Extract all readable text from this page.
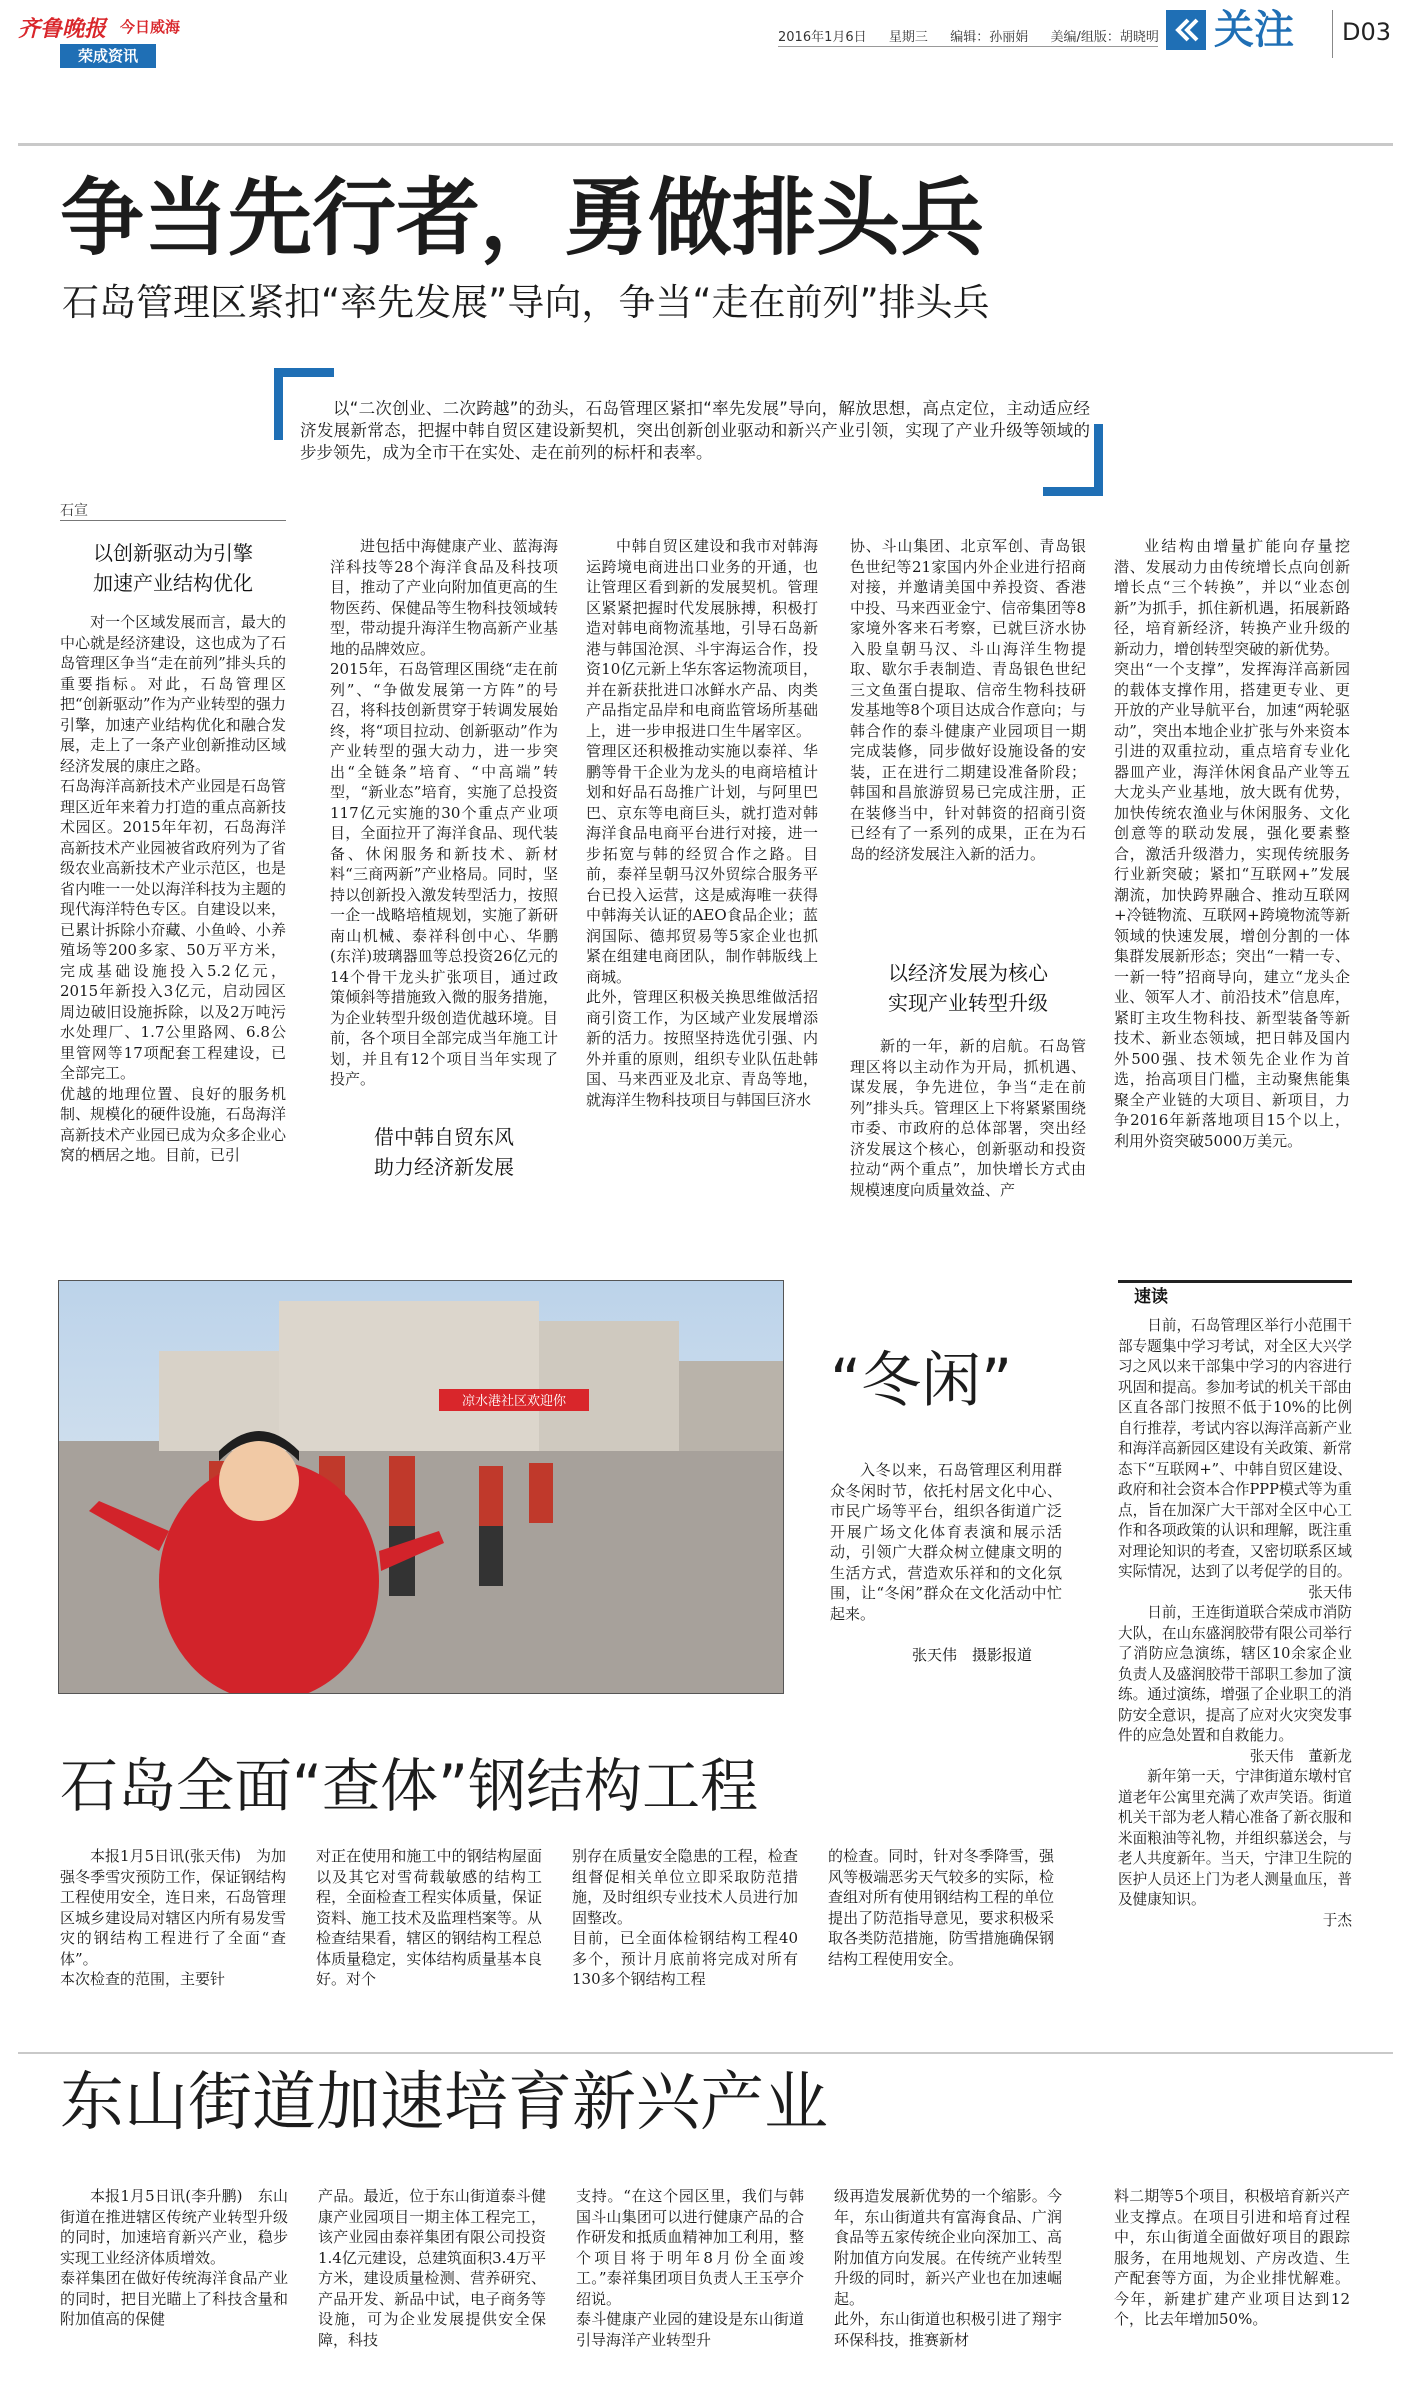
齐鲁晚报 今日威海
荣成资讯
2016年1月6日 星期三 编辑：孙丽娟 美编/组版：胡晓明 关注 D03
争当先行者，勇做排头兵
石岛管理区紧扣“率先发展”导向，争当“走在前列”排头兵

以“二次创业、二次跨越”的劲头，石岛管理区紧扣“率先发展”导向，解放思想，高点定位，主动适应经济发展新常态，把握中韩自贸区建设新契机，突出创新创业驱动和新兴产业引领，实现了产业升级等领域的步步领先，成为全市干在实处、走在前列的标杆和表率。

石宣
以创新驱动为引擎
加速产业结构优化
对一个区域发展而言，最大的中心就是经济建设，这也成为了石岛管理区争当“走在前列”排头兵的重要指标。对此，石岛管理区把“创新驱动”作为产业转型的强力引擎，加速产业结构优化和融合发展，走上了一条产业创新推动区域经济发展的康庄之路。
石岛海洋高新技术产业园是石岛管理区近年来着力打造的重点高新技术园区。2015年年初，石岛海洋高新技术产业园被省政府列为了省级农业高新技术产业示范区，也是省内唯一一处以海洋科技为主题的现代海洋特色专区。自建设以来，已累计拆除小夼藏、小鱼岭、小养殖场等200多家、50万平方米，完成基础设施投入5.2亿元，2015年新投入3亿元，启动园区周边破旧设施拆除，以及2万吨污水处理厂、1.7公里路网、6.8公里管网等17项配套工程建设，已全部完工。
优越的地理位置、良好的服务机制、规模化的硬件设施，石岛海洋高新技术产业园已成为众多企业心窝的栖居之地。目前，已引
进包括中海健康产业、蓝海海洋科技等28个海洋食品及科技项目，推动了产业向附加值更高的生物医药、保健品等生物科技领域转型，带动提升海洋生物高新产业基地的品牌效应。
2015年，石岛管理区围绕“走在前列”、“争做发展第一方阵”的号召，将科技创新贯穿于转调发展始终，将“项目拉动、创新驱动”作为产业转型的强大动力，进一步突出“全链条”培育、“中高端”转型，“新业态”培育，实施了总投资117亿元实施的30个重点产业项目，全面拉开了海洋食品、现代装备、休闲服务和新技术、新材料“三商两新”产业格局。同时，坚持以创新投入激发转型活力，按照一企一战略培植规划，实施了新研南山机械、泰祥科创中心、华鹏(东洋)玻璃器皿等总投资26亿元的14个骨干龙头扩张项目，通过政策倾斜等措施致入微的服务措施，为企业转型升级创造优越环境。目前，各个项目全部完成当年施工计划，并且有12个项目当年实现了投产。
借中韩自贸东风
助力经济新发展
中韩自贸区建设和我市对韩海运跨境电商进出口业务的开通，也让管理区看到新的发展契机。管理区紧紧把握时代发展脉搏，积极打造对韩电商物流基地，引导石岛新港与韩国沧溟、斗宇海运合作，投资10亿元新上华东客运物流项目，并在新获批进口冰鲜水产品、肉类产品指定品岸和电商监管场所基础上，进一步申报进口生牛屠宰区。
管理区还积极推动实施以泰祥、华鹏等骨干企业为龙头的电商培植计划和好品石岛推广计划，与阿里巴巴、京东等电商巨头，就打造对韩海洋食品电商平台进行对接，进一步拓宽与韩的经贸合作之路。目前，泰祥呈朝马汉外贸综合服务平台已投入运营，这是威海唯一获得中韩海关认证的AEO食品企业；蓝润国际、德邦贸易等5家企业也抓紧在组建电商团队，制作韩版线上商城。
此外，管理区积极关换思维做活招商引资工作，为区域产业发展增添新的活力。按照坚持选优引强、内外并重的原则，组织专业队伍赴韩国、马来西亚及北京、青岛等地，就海洋生物科技项目与韩国巨济水
协、斗山集团、北京军创、青岛银色世纪等21家国内外企业进行招商对接，并邀请美国中养投资、香港中投、马来西亚金宁、信帝集团等8家境外客来石考察，已就巨济水协入股皇朝马汉、斗山海洋生物提取、歇尔手表制造、青岛银色世纪三文鱼蛋白提取、信帝生物科技研发基地等8个项目达成合作意向；与韩合作的泰斗健康产业园项目一期完成装修，同步做好设施设备的安装，正在进行二期建设准备阶段；韩国和昌旅游贸易已完成注册，正在装修当中，针对韩资的招商引资已经有了一系列的成果，正在为石岛的经济发展注入新的活力。
以经济发展为核心
实现产业转型升级
新的一年，新的启航。石岛管理区将以主动作为开局，抓机遇、谋发展，争先进位，争当“走在前列”排头兵。管理区上下将紧紧围绕市委、市政府的总体部署，突出经济发展这个核心，创新驱动和投资拉动“两个重点”，加快增长方式由规模速度向质量效益、产
业结构由增量扩能向存量挖潜、发展动力由传统增长点向创新增长点“三个转换”，并以“业态创新”为抓手，抓住新机遇，拓展新路径，培育新经济，转换产业升级的新动力，增创转型突破的新优势。
突出“一个支撑”，发挥海洋高新园的载体支撑作用，搭建更专业、更开放的产业导航平台，加速“两轮驱动”，突出本地企业扩张与外来资本引进的双重拉动，重点培育专业化器皿产业，海洋休闲食品产业等五大龙头产业基地，放大既有优势，加快传统农渔业与休闲服务、文化创意等的联动发展，强化要素整合，激活升级潜力，实现传统服务行业新突破；紧扣“互联网+”发展潮流，加快跨界融合、推动互联网+冷链物流、互联网+跨境物流等新领域的快速发展，增创分割的一体集群发展新形态；突出“一精一专、一新一特”招商导向，建立“龙头企业、领军人才、前沿技术”信息库，紧盯主攻生物科技、新型装备等新技术、新业态领域，把日韩及国内外500强、技术领先企业作为首选，抬高项目门槛，主动聚焦能集聚全产业链的大项目、新项目，力争2016年新落地项目15个以上，利用外资突破5000万美元。
凉水港社区欢迎你	“冬闲”
入冬以来，石岛管理区利用群众冬闲时节，依托村居文化中心、市民广场等平台，组织各街道广泛开展广场文化体育表演和展示活动，引领广大群众树立健康文明的生活方式，营造欢乐祥和的文化氛围，让“冬闲”群众在文化活动中忙起来。
张天伟　摄影报道
速读
日前，石岛管理区举行小范围干部专题集中学习考试，对全区大兴学习之风以来干部集中学习的内容进行巩固和提高。参加考试的机关干部由区直各部门按照不低于10%的比例自行推荐，考试内容以海洋高新产业和海洋高新园区建设有关政策、新常态下“互联网+”、中韩自贸区建设、政府和社会资本合作PPP模式等为重点，旨在加深广大干部对全区中心工作和各项政策的认识和理解，既注重对理论知识的考查，又密切联系区域实际情况，达到了以考促学的目的。
张天伟
日前，王连街道联合荣成市消防大队，在山东盛润胶带有限公司举行了消防应急演练，辖区10余家企业负责人及盛润胶带干部职工参加了演练。通过演练，增强了企业职工的消防安全意识，提高了应对火灾突发事件的应急处置和自救能力。
张天伟　董新龙
新年第一天，宁津街道东墩村官道老年公寓里充满了欢声笑语。街道机关干部为老人精心准备了新衣服和米面粮油等礼物，并组织慕送会，与老人共度新年。当天，宁津卫生院的医护人员还上门为老人测量血压，普及健康知识。
于杰
石岛全面“查体”钢结构工程
本报1月5日讯(张天伟)　为加强冬季雪灾预防工作，保证钢结构工程使用安全，连日来，石岛管理区城乡建设局对辖区内所有易发雪灾的钢结构工程进行了全面“查体”。
本次检查的范围，主要针
对正在使用和施工中的钢结构屋面以及其它对雪荷载敏感的结构工程，全面检查工程实体质量，保证资料、施工技术及监理档案等。从检查结果看，辖区的钢结构工程总体质量稳定，实体结构质量基本良好。对个
别存在质量安全隐患的工程，检查组督促相关单位立即采取防范措施，及时组织专业技术人员进行加固整改。
目前，已全面体检钢结构工程40多个，预计月底前将完成对所有130多个钢结构工程
的检查。同时，针对冬季降雪，强风等极端恶劣天气较多的实际，检查组对所有使用钢结构工程的单位提出了防范指导意见，要求积极采取各类防范措施，防雪措施确保钢结构工程使用安全。
东山街道加速培育新兴产业
本报1月5日讯(李升鹏)　东山街道在推进辖区传统产业转型升级的同时，加速培育新兴产业，稳步实现工业经济体质增效。
泰祥集团在做好传统海洋食品产业的同时，把目光瞄上了科技含量和附加值高的保健
产品。最近，位于东山街道泰斗健康产业园项目一期主体工程完工，该产业园由泰祥集团有限公司投资1.4亿元建设，总建筑面积3.4万平方米，建设质量检测、营养研究、产品开发、新品中试，电子商务等设施，可为企业发展提供安全保障，科技
支持。“在这个园区里，我们与韩国斗山集团可以进行健康产品的合作研发和抵质血精神加工利用，整个项目将于明年8月份全面竣工。”泰祥集团项目负责人王玉亭介绍说。
泰斗健康产业园的建设是东山街道引导海洋产业转型升
级再造发展新优势的一个缩影。今年，东山街道共有富海食品、广润食品等五家传统企业向深加工、高附加值方向发展。在传统产业转型升级的同时，新兴产业也在加速崛起。
此外，东山街道也积极引进了翔宇环保科技，推赛新材
料二期等5个项目，积极培育新兴产业支撑点。在项目引进和培育过程中，东山街道全面做好项目的跟踪服务，在用地规划、产房改造、生产配套等方面，为企业排忧解难。今年，新建扩建产业项目达到12个，比去年增加50%。
